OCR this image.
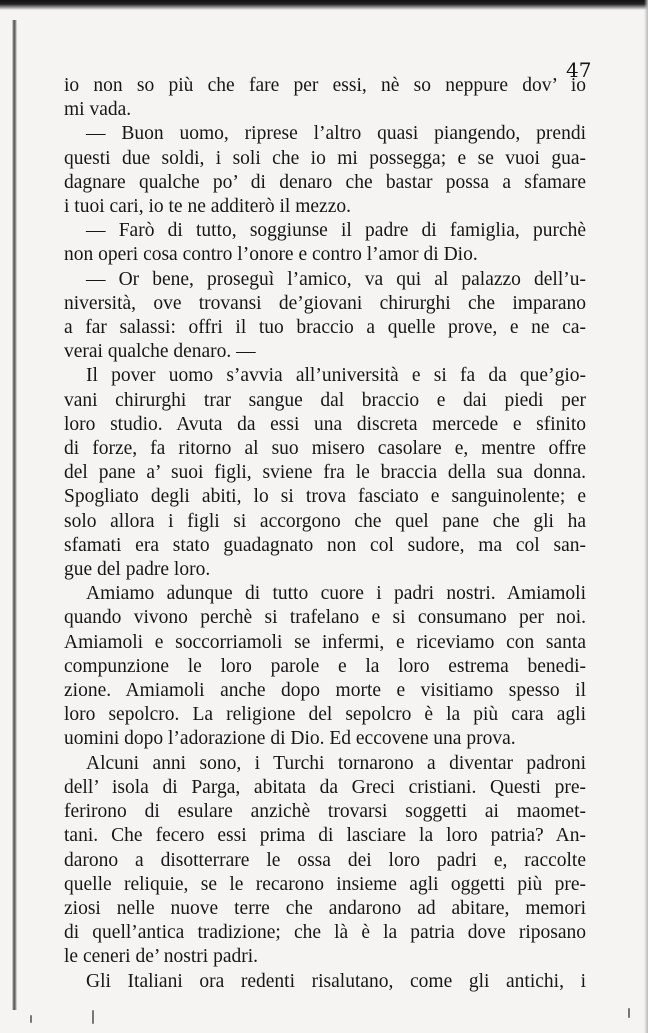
47
io non so più che fare per essi, nè so neppure dov’ io
mi vada.
— Buon uomo, riprese l’altro quasi piangendo, prendi
questi due soldi, i soli che io mi possegga; e se vuoi gua-
dagnare qualche po’ di denaro che bastar possa a sfamare
i tuoi cari, io te ne additerò il mezzo.
— Farò di tutto, soggiunse il padre di famiglia, purchè
non operi cosa contro l’onore e contro l’amor di Dio.
— Or bene, proseguì l’amico, va qui al palazzo dell’u-
niversità, ove trovansi de’giovani chirurghi che imparano
a far salassi: offri il tuo braccio a quelle prove, e ne ca-
verai qualche denaro. —
Il pover uomo s’avvia all’università e si fa da que’gio-
vani chirurghi trar sangue dal braccio e dai piedi per
loro studio. Avuta da essi una discreta mercede e sfinito
di forze, fa ritorno al suo misero casolare e, mentre offre
del pane a’ suoi figli, sviene fra le braccia della sua donna.
Spogliato degli abiti, lo si trova fasciato e sanguinolente; e
solo allora i figli si accorgono che quel pane che gli ha
sfamati era stato guadagnato non col sudore, ma col san-
gue del padre loro.
Amiamo adunque di tutto cuore i padri nostri. Amiamoli
quando vivono perchè si trafelano e si consumano per noi.
Amiamoli e soccorriamoli se infermi, e riceviamo con santa
compunzione le loro parole e la loro estrema benedi-
zione. Amiamoli anche dopo morte e visitiamo spesso il
loro sepolcro. La religione del sepolcro è la più cara agli
uomini dopo l’adorazione di Dio. Ed eccovene una prova.
Alcuni anni sono, i Turchi tornarono a diventar padroni
dell’ isola di Parga, abitata da Greci cristiani. Questi pre-
ferirono di esulare anzichè trovarsi soggetti ai maomet-
tani. Che fecero essi prima di lasciare la loro patria? An-
darono a disotterrare le ossa dei loro padri e, raccolte
quelle reliquie, se le recarono insieme agli oggetti più pre-
ziosi nelle nuove terre che andarono ad abitare, memori
di quell’antica tradizione; che là è la patria dove riposano
le ceneri de’ nostri padri.
Gli Italiani ora redenti risalutano, come gli antichi, i
